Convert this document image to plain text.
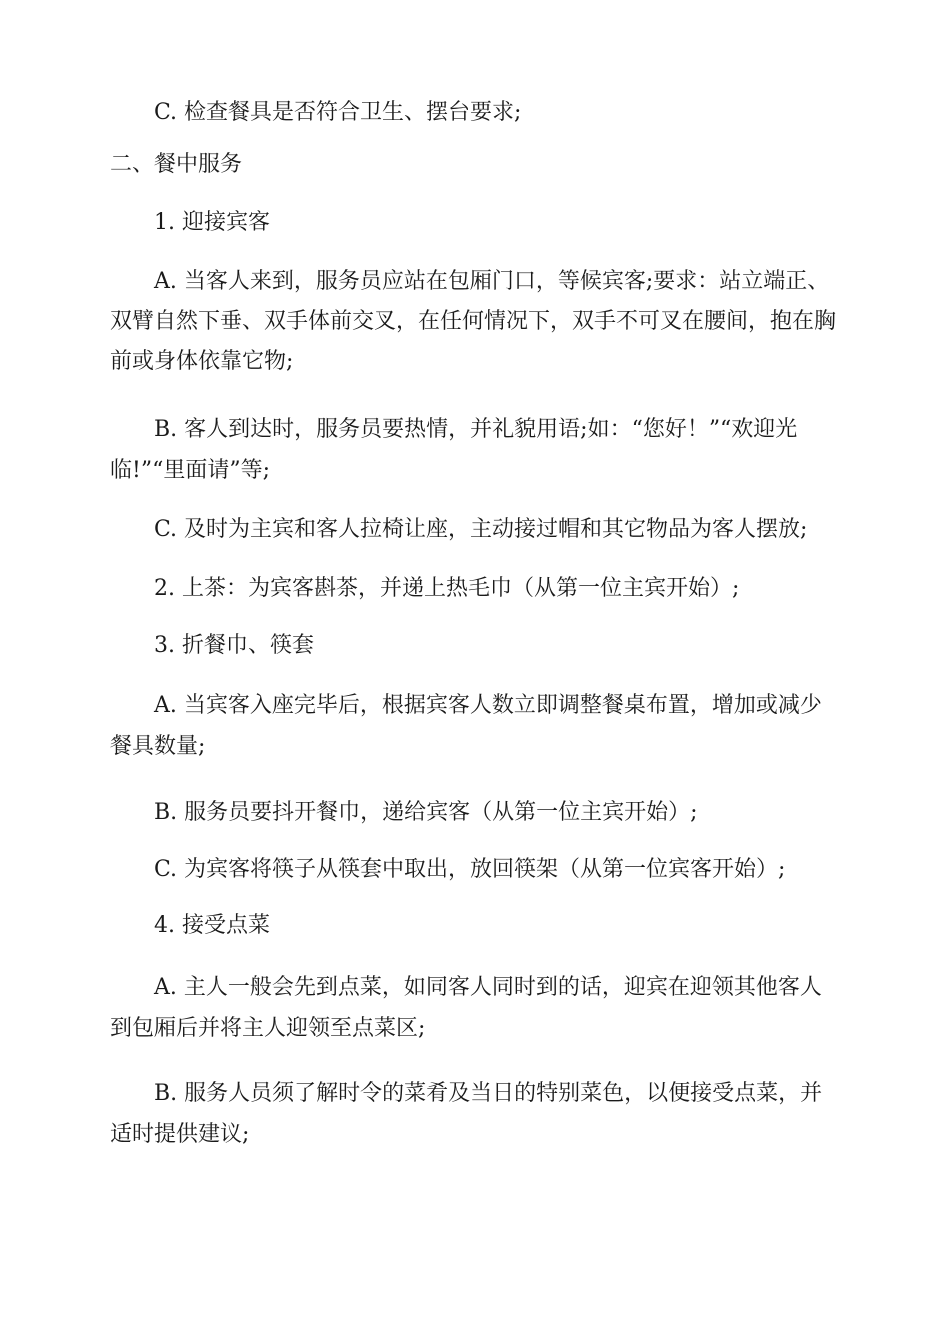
C. 检查餐具是否符合卫生、摆台要求;

二、餐中服务

1. 迎接宾客

A. 当客人来到，服务员应站在包厢门口，等候宾客;要求：站立端正、双臂自然下垂、双手体前交叉，在任何情况下，双手不可叉在腰间，抱在胸前或身体依靠它物;

B. 客人到达时，服务员要热情，并礼貌用语;如：“您好！”“欢迎光临!”“里面请”等;

C. 及时为主宾和客人拉椅让座，主动接过帽和其它物品为客人摆放;

2. 上茶：为宾客斟茶，并递上热毛巾（从第一位主宾开始）;

3. 折餐巾、筷套

A. 当宾客入座完毕后，根据宾客人数立即调整餐桌布置，增加或减少餐具数量;

B. 服务员要抖开餐巾，递给宾客（从第一位主宾开始）;

C. 为宾客将筷子从筷套中取出，放回筷架（从第一位宾客开始）;

4. 接受点菜

A. 主人一般会先到点菜，如同客人同时到的话，迎宾在迎领其他客人到包厢后并将主人迎领至点菜区;

B. 服务人员须了解时令的菜肴及当日的特别菜色，以便接受点菜，并适时提供建议;
